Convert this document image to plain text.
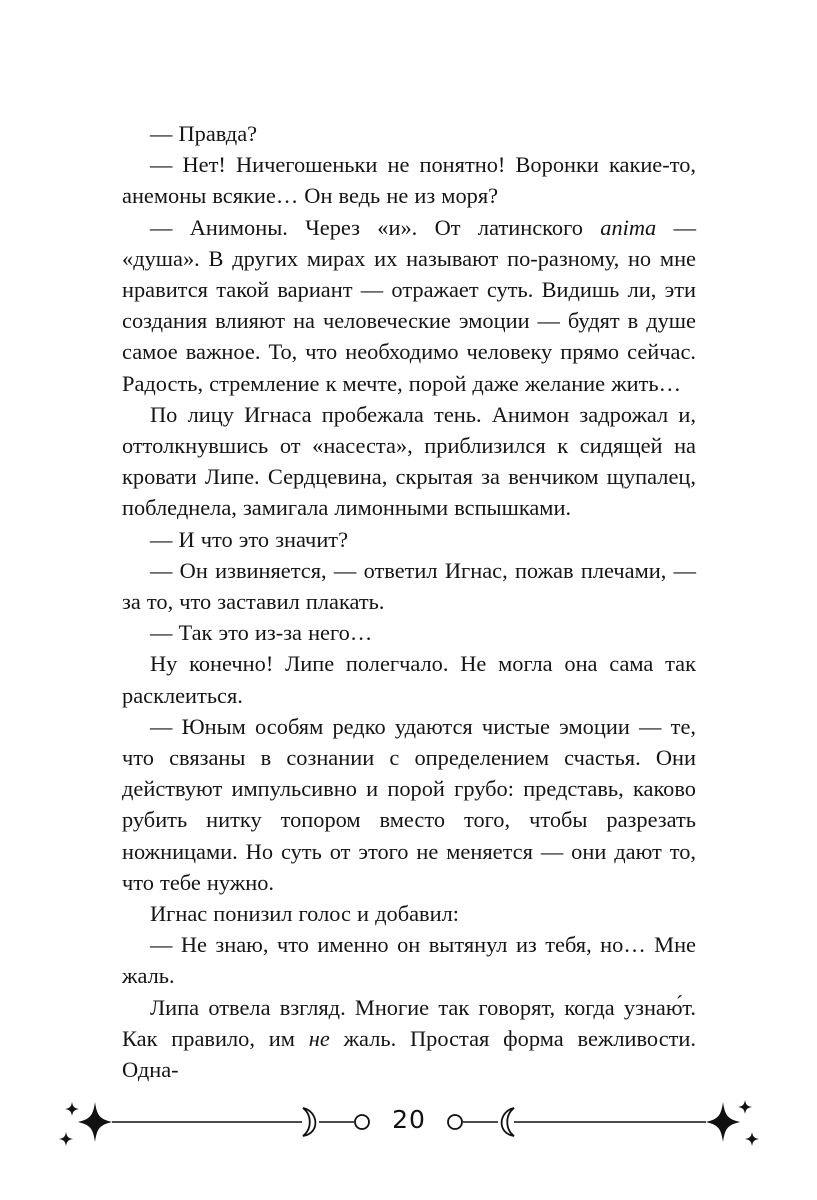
— Правда?

— Нет! Ничегошеньки не понятно! Воронки какие-то, анемоны всякие… Он ведь не из моря?

— Анимоны. Через «и». От латинского anima — «душа». В других мирах их называют по-разному, но мне нравится такой вариант — отражает суть. Видишь ли, эти создания влияют на человеческие эмоции — будят в душе самое важное. То, что необходимо человеку прямо сейчас. Радость, стремление к мечте, порой даже желание жить…

По лицу Игнаса пробежала тень. Анимон задрожал и, оттолкнувшись от «насеста», приблизился к сидящей на кровати Липе. Сердцевина, скрытая за венчиком щупалец, побледнела, замигала лимонными вспышками.

— И что это значит?

— Он извиняется, — ответил Игнас, пожав плечами, — за то, что заставил плакать.

— Так это из-за него…

Ну конечно! Липе полегчало. Не могла она сама так расклеиться.

— Юным особям редко удаются чистые эмоции — те, что связаны в сознании с определением счастья. Они действуют импульсивно и порой грубо: представь, каково рубить нитку топором вместо того, чтобы разрезать ножницами. Но суть от этого не меняется — они дают то, что тебе нужно.

Игнас понизил голос и добавил:

— Не знаю, что именно он вытянул из тебя, но… Мне жаль.

Липа отвела взгляд. Многие так говорят, когда узнаю́т. Как правило, им не жаль. Простая форма вежливости. Одна-

20
